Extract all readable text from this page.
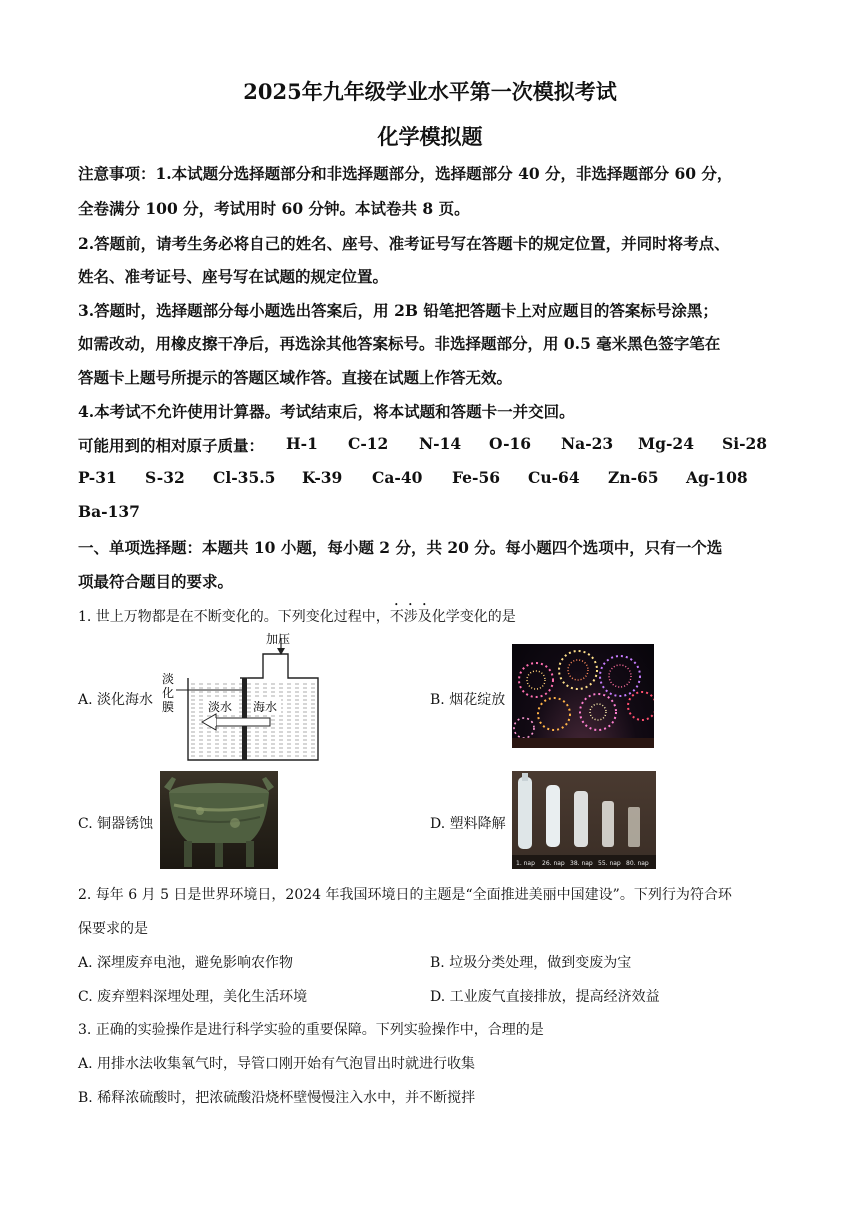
2025年九年级学业水平第一次模拟考试
化学模拟题
注意事项：1.本试题分选择题部分和非选择题部分，选择题部分 40 分，非选择题部分 60 分，
全卷满分 100 分，考试用时 60 分钟。本试卷共 8 页。
2.答题前，请考生务必将自己的姓名、座号、准考证号写在答题卡的规定位置，并同时将考点、
姓名、准考证号、座号写在试题的规定位置。
3.答题时，选择题部分每小题选出答案后，用 2B 铅笔把答题卡上对应题目的答案标号涂黑；
如需改动，用橡皮擦干净后，再选涂其他答案标号。非选择题部分，用 0.5 毫米黑色签字笔在
答题卡上题号所提示的答题区域作答。直接在试题上作答无效。
4.本考试不允许使用计算器。考试结束后，将本试题和答题卡一并交回。
可能用到的相对原子质量： H-1 C-12 N-14 O-16 Na-23 Mg-24 Si-28
P-31 S-32 Cl-35.5 K-39 Ca-40 Fe-56 Cu-64 Zn-65 Ag-108
Ba-137
一、单项选择题：本题共 10 小题，每小题 2 分，共 20 分。每小题四个选项中，只有一个选
项最符合题目的要求。
1. 世上万物都是在不断变化的。下列变化过程中，不涉及化学变化的是
A. 淡化海水
加压
淡
化
膜	淡水 海水	B. 烟花绽放
C. 铜器锈蚀	D. 塑料降解
1. nap 26. nap 38. nap 55. nap 80. nap
2. 每年 6 月 5 日是世界环境日，2024 年我国环境日的主题是“全面推进美丽中国建设”。下列行为符合环
保要求的是
A. 深埋废弃电池，避免影响农作物	B. 垃圾分类处理，做到变废为宝
C. 废弃塑料深埋处理，美化生活环境	D. 工业废气直接排放，提高经济效益
3. 正确的实验操作是进行科学实验的重要保障。下列实验操作中，合理的是
A. 用排水法收集氧气时，导管口刚开始有气泡冒出时就进行收集
B. 稀释浓硫酸时，把浓硫酸沿烧杯壁慢慢注入水中，并不断搅拌
